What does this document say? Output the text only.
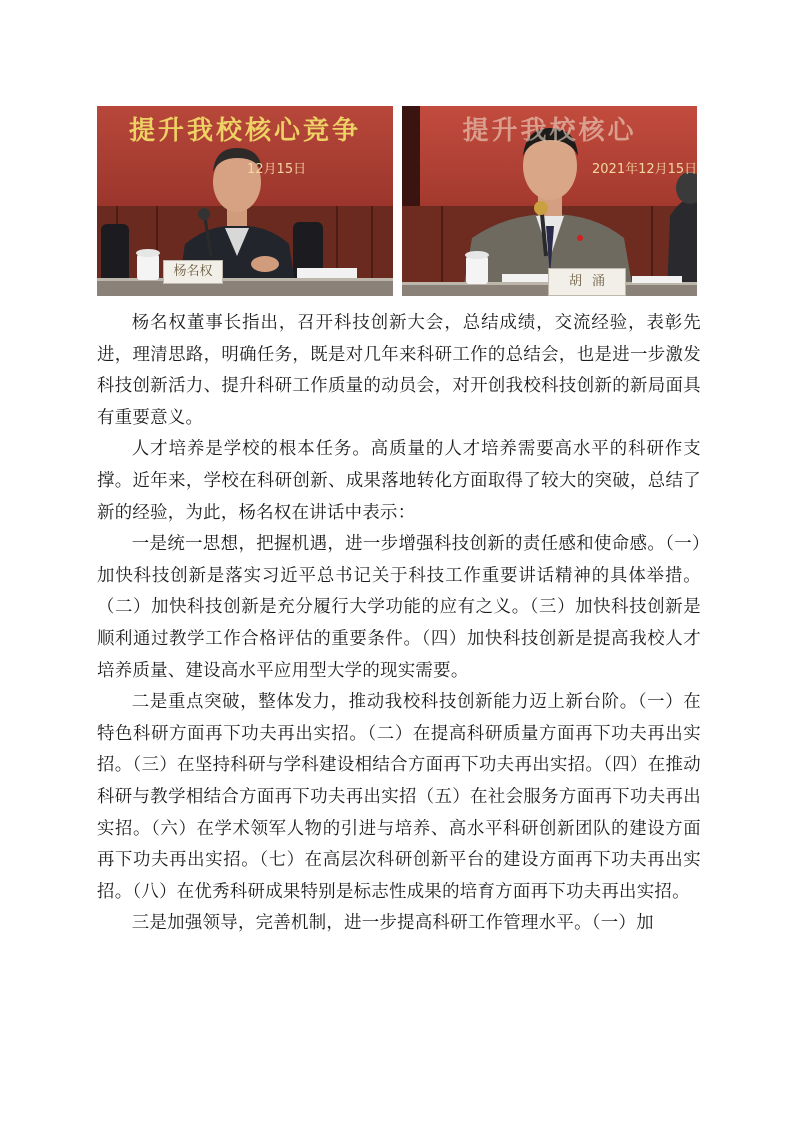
提升我校核心竞争
12月15日
杨名权
提升我校核心
2021年12月15日
胡涌

杨名权董事长指出，召开科技创新大会，总结成绩，交流经验，表彰先进，理清思路，明确任务，既是对几年来科研工作的总结会，也是进一步激发科技创新活力、提升科研工作质量的动员会，对开创我校科技创新的新局面具有重要意义。

人才培养是学校的根本任务。高质量的人才培养需要高水平的科研作支撑。近年来，学校在科研创新、成果落地转化方面取得了较大的突破，总结了新的经验，为此，杨名权在讲话中表示：

一是统一思想，把握机遇，进一步增强科技创新的责任感和使命感。（一）加快科技创新是落实习近平总书记关于科技工作重要讲话精神的具体举措。（二）加快科技创新是充分履行大学功能的应有之义。（三）加快科技创新是顺利通过教学工作合格评估的重要条件。（四）加快科技创新是提高我校人才培养质量、建设高水平应用型大学的现实需要。

二是重点突破，整体发力，推动我校科技创新能力迈上新台阶。（一）在特色科研方面再下功夫再出实招。（二）在提高科研质量方面再下功夫再出实招。（三）在坚持科研与学科建设相结合方面再下功夫再出实招。（四）在推动科研与教学相结合方面再下功夫再出实招（五）在社会服务方面再下功夫再出实招。（六）在学术领军人物的引进与培养、高水平科研创新团队的建设方面再下功夫再出实招。（七）在高层次科研创新平台的建设方面再下功夫再出实招。（八）在优秀科研成果特别是标志性成果的培育方面再下功夫再出实招。

三是加强领导，完善机制，进一步提高科研工作管理水平。（一）加
